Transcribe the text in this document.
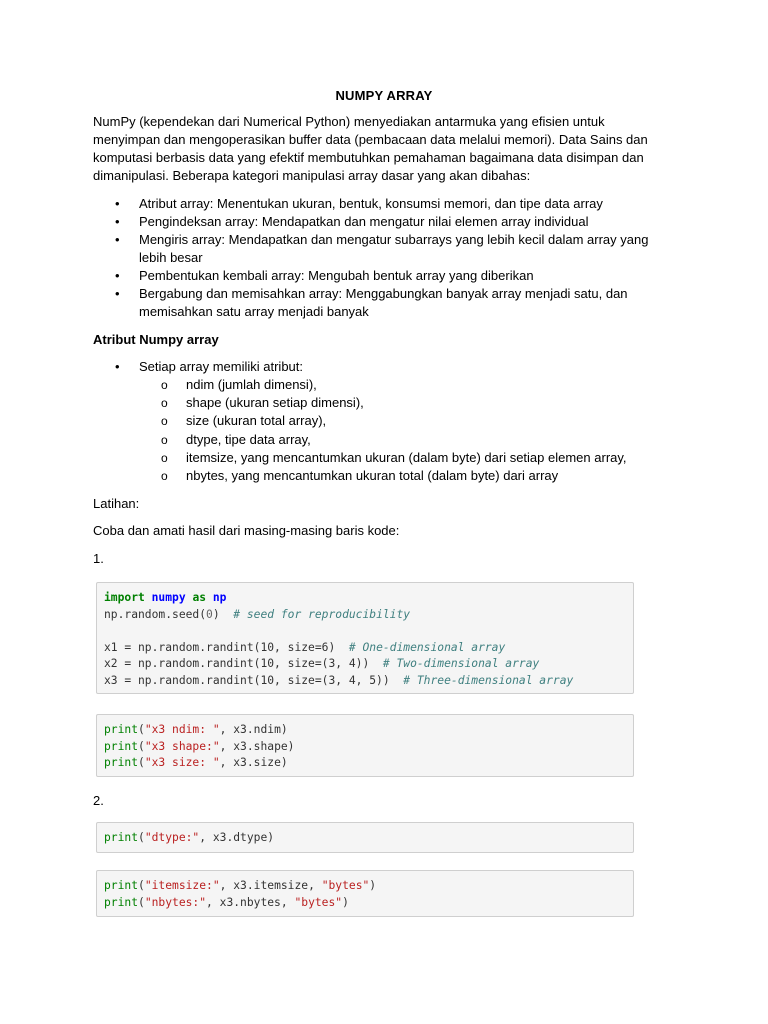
NUMPY ARRAY
NumPy (kependekan dari Numerical Python) menyediakan antarmuka yang efisien untuk menyimpan dan mengoperasikan buffer data (pembacaan data melalui memori). Data Sains dan komputasi berbasis data yang efektif membutuhkan pemahaman bagaimana data disimpan dan dimanipulasi. Beberapa kategori manipulasi array dasar yang akan dibahas:
• Atribut array: Menentukan ukuran, bentuk, konsumsi memori, dan tipe data array
• Pengindeksan array: Mendapatkan dan mengatur nilai elemen array individual
• Mengiris array: Mendapatkan dan mengatur subarrays yang lebih kecil dalam array yang lebih besar
• Pembentukan kembali array: Mengubah bentuk array yang diberikan
• Bergabung dan memisahkan array: Menggabungkan banyak array menjadi satu, dan memisahkan satu array menjadi banyak
Atribut Numpy array
• Setiap array memiliki atribut:
o ndim (jumlah dimensi),
o shape (ukuran setiap dimensi),
o size (ukuran total array),
o dtype, tipe data array,
o itemsize, yang mencantumkan ukuran (dalam byte) dari setiap elemen array,
o nbytes, yang mencantumkan ukuran total (dalam byte) dari array
Latihan:
Coba dan amati hasil dari masing-masing baris kode:
1.
import numpy as np
np.random.seed(0)  # seed for reproducibility

x1 = np.random.randint(10, size=6)  # One-dimensional array
x2 = np.random.randint(10, size=(3, 4))  # Two-dimensional array
x3 = np.random.randint(10, size=(3, 4, 5))  # Three-dimensional array
print("x3 ndim: ", x3.ndim)
print("x3 shape:", x3.shape)
print("x3 size: ", x3.size)
2.
print("dtype:", x3.dtype)
print("itemsize:", x3.itemsize, "bytes")
print("nbytes:", x3.nbytes, "bytes")
